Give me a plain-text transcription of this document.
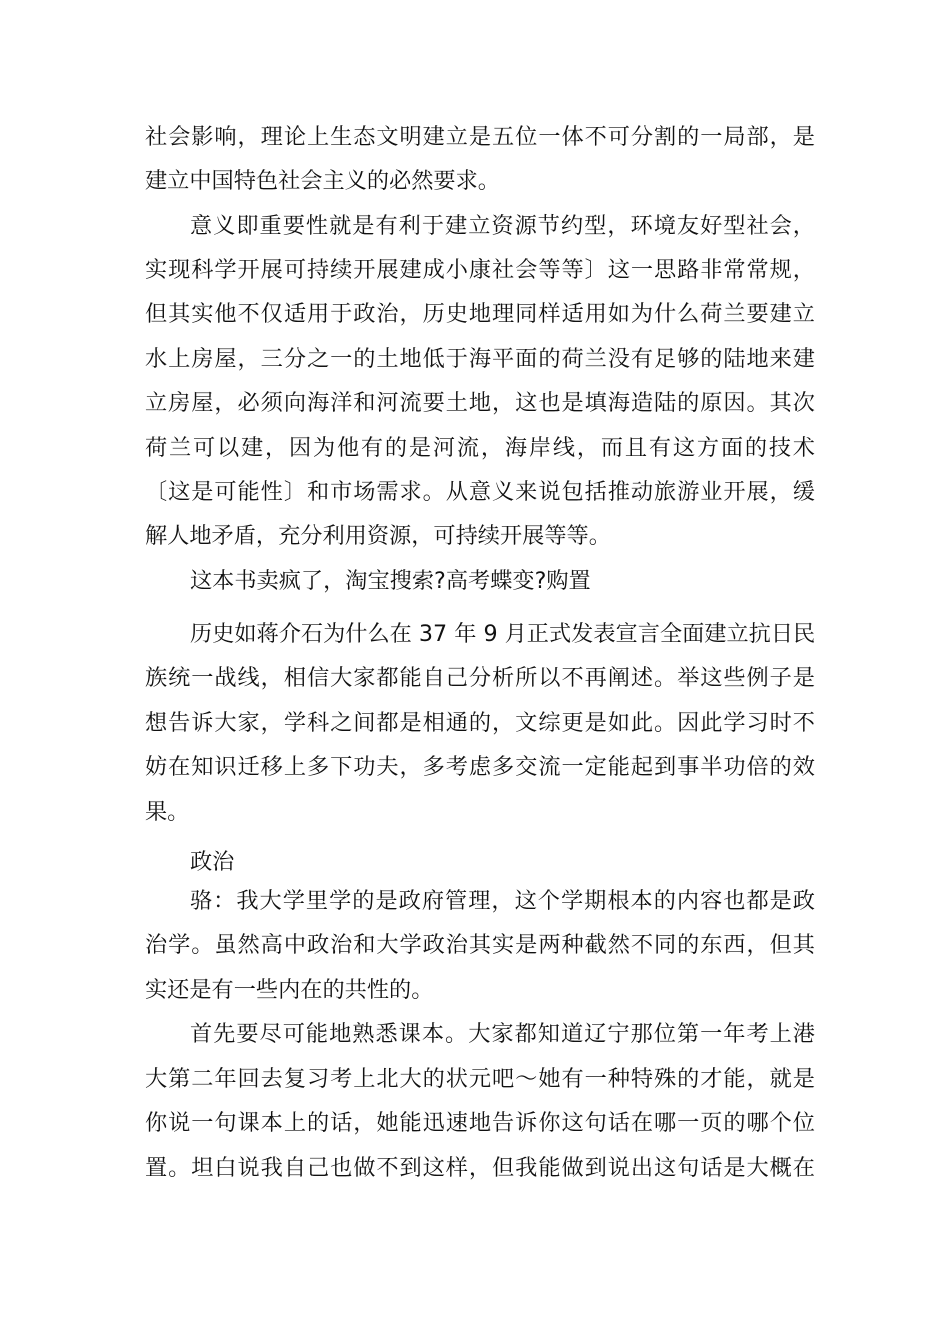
社会影响，理论上生态文明建立是五位一体不可分割的一局部，是
建立中国特色社会主义的必然要求。
意义即重要性就是有利于建立资源节约型，环境友好型社会，
实现科学开展可持续开展建成小康社会等等〕这一思路非常常规，
但其实他不仅适用于政治，历史地理同样适用如为什么荷兰要建立
水上房屋，三分之一的土地低于海平面的荷兰没有足够的陆地来建
立房屋，必须向海洋和河流要土地，这也是填海造陆的原因。其次
荷兰可以建，因为他有的是河流，海岸线，而且有这方面的技术
〔这是可能性〕和市场需求。从意义来说包括推动旅游业开展，缓
解人地矛盾，充分利用资源，可持续开展等等。
这本书卖疯了，淘宝搜索?高考蝶变?购置
历史如蒋介石为什么在 37 年 9 月正式发表宣言全面建立抗日民
族统一战线，相信大家都能自己分析所以不再阐述。举这些例子是
想告诉大家，学科之间都是相通的，文综更是如此。因此学习时不
妨在知识迁移上多下功夫，多考虑多交流一定能起到事半功倍的效
果。
政治
骆：我大学里学的是政府管理，这个学期根本的内容也都是政
治学。虽然高中政治和大学政治其实是两种截然不同的东西，但其
实还是有一些内在的共性的。
首先要尽可能地熟悉课本。大家都知道辽宁那位第一年考上港
大第二年回去复习考上北大的状元吧～她有一种特殊的才能，就是
你说一句课本上的话，她能迅速地告诉你这句话在哪一页的哪个位
置。坦白说我自己也做不到这样，但我能做到说出这句话是大概在
